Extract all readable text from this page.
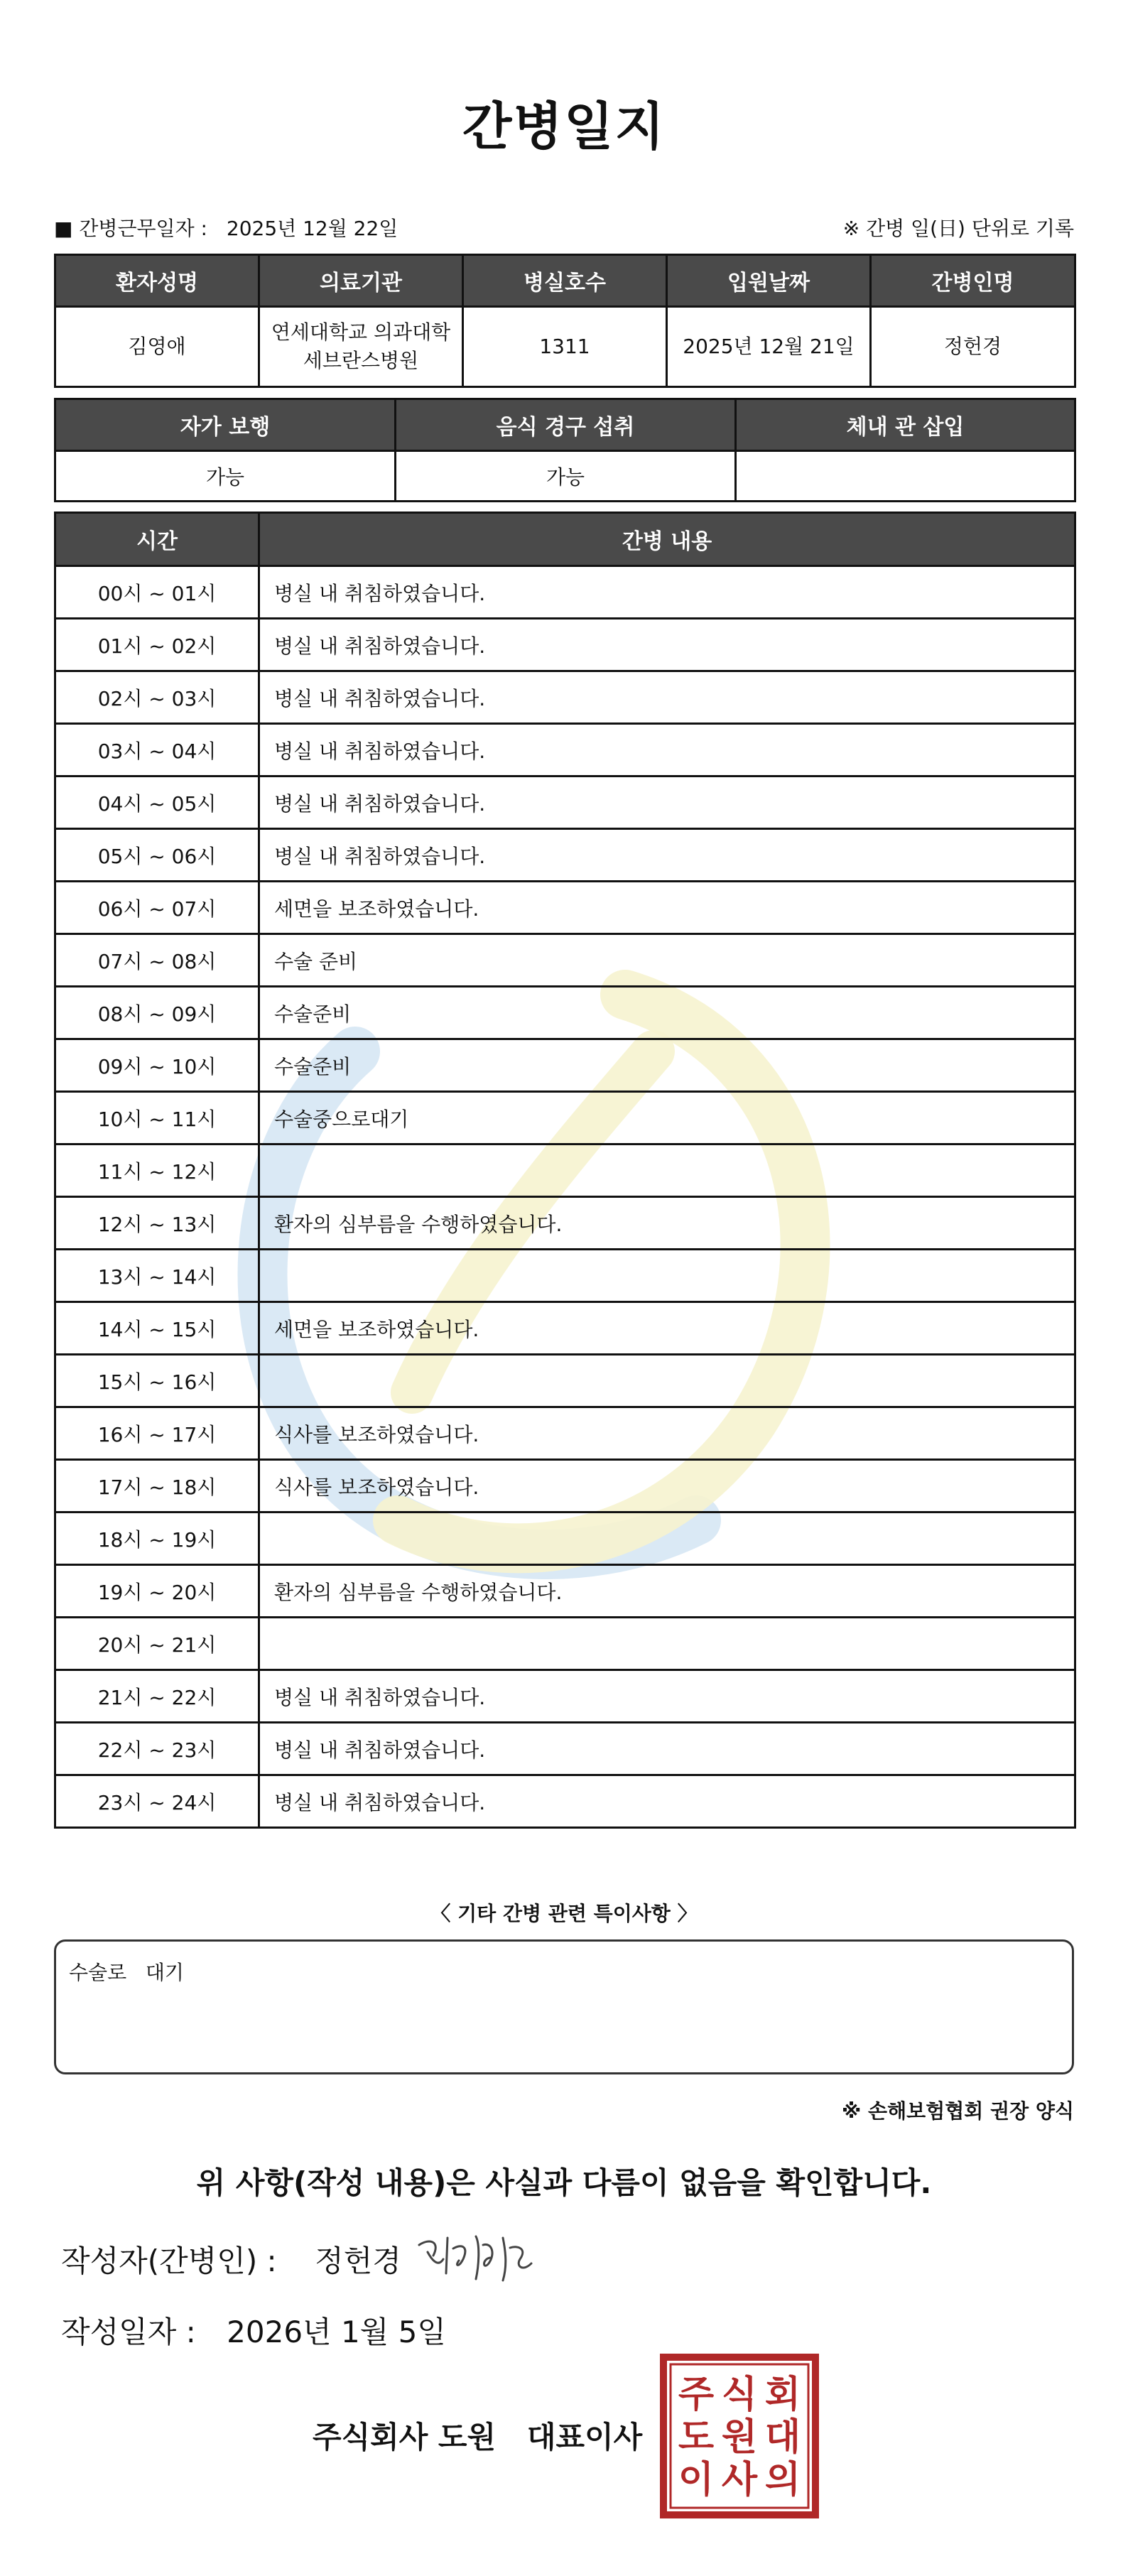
간병일지
■ 간병근무일자 : 2025년 12월 22일	※ 간병 일(日) 단위로 기록
환자성명	의료기관	병실호수	입원날짜	간병인명
김영애	연세대학교 의과대학 세브란스병원	1311	2025년 12월 21일	정헌경
자가 보행	음식 경구 섭취	체내 관 삽입
가능	가능	
시간	간병 내용
00시 ~ 01시	병실 내 취침하였습니다.
01시 ~ 02시	병실 내 취침하였습니다.
02시 ~ 03시	병실 내 취침하였습니다.
03시 ~ 04시	병실 내 취침하였습니다.
04시 ~ 05시	병실 내 취침하였습니다.
05시 ~ 06시	병실 내 취침하였습니다.
06시 ~ 07시	세면을 보조하였습니다.
07시 ~ 08시	수술 준비
08시 ~ 09시	수술준비
09시 ~ 10시	수술준비
10시 ~ 11시	수술중으로대기
11시 ~ 12시	
12시 ~ 13시	환자의 심부름을 수행하였습니다.
13시 ~ 14시	
14시 ~ 15시	세면을 보조하였습니다.
15시 ~ 16시	
16시 ~ 17시	식사를 보조하였습니다.
17시 ~ 18시	식사를 보조하였습니다.
18시 ~ 19시	
19시 ~ 20시	환자의 심부름을 수행하였습니다.
20시 ~ 21시	
21시 ~ 22시	병실 내 취침하였습니다.
22시 ~ 23시	병실 내 취침하였습니다.
23시 ~ 24시	병실 내 취침하였습니다.
〈 기타 간병 관련 특이사항 〉
수술로   대기
※ 손해보험협회 권장 양식
위 사항(작성 내용)은 사실과 다름이 없음을 확인합니다.
작성자(간병인) : 정헌경
작성일자 : 2026년 1월 5일
주식회사 도원   대표이사
주 식 회
도 원 대
이 사 의
